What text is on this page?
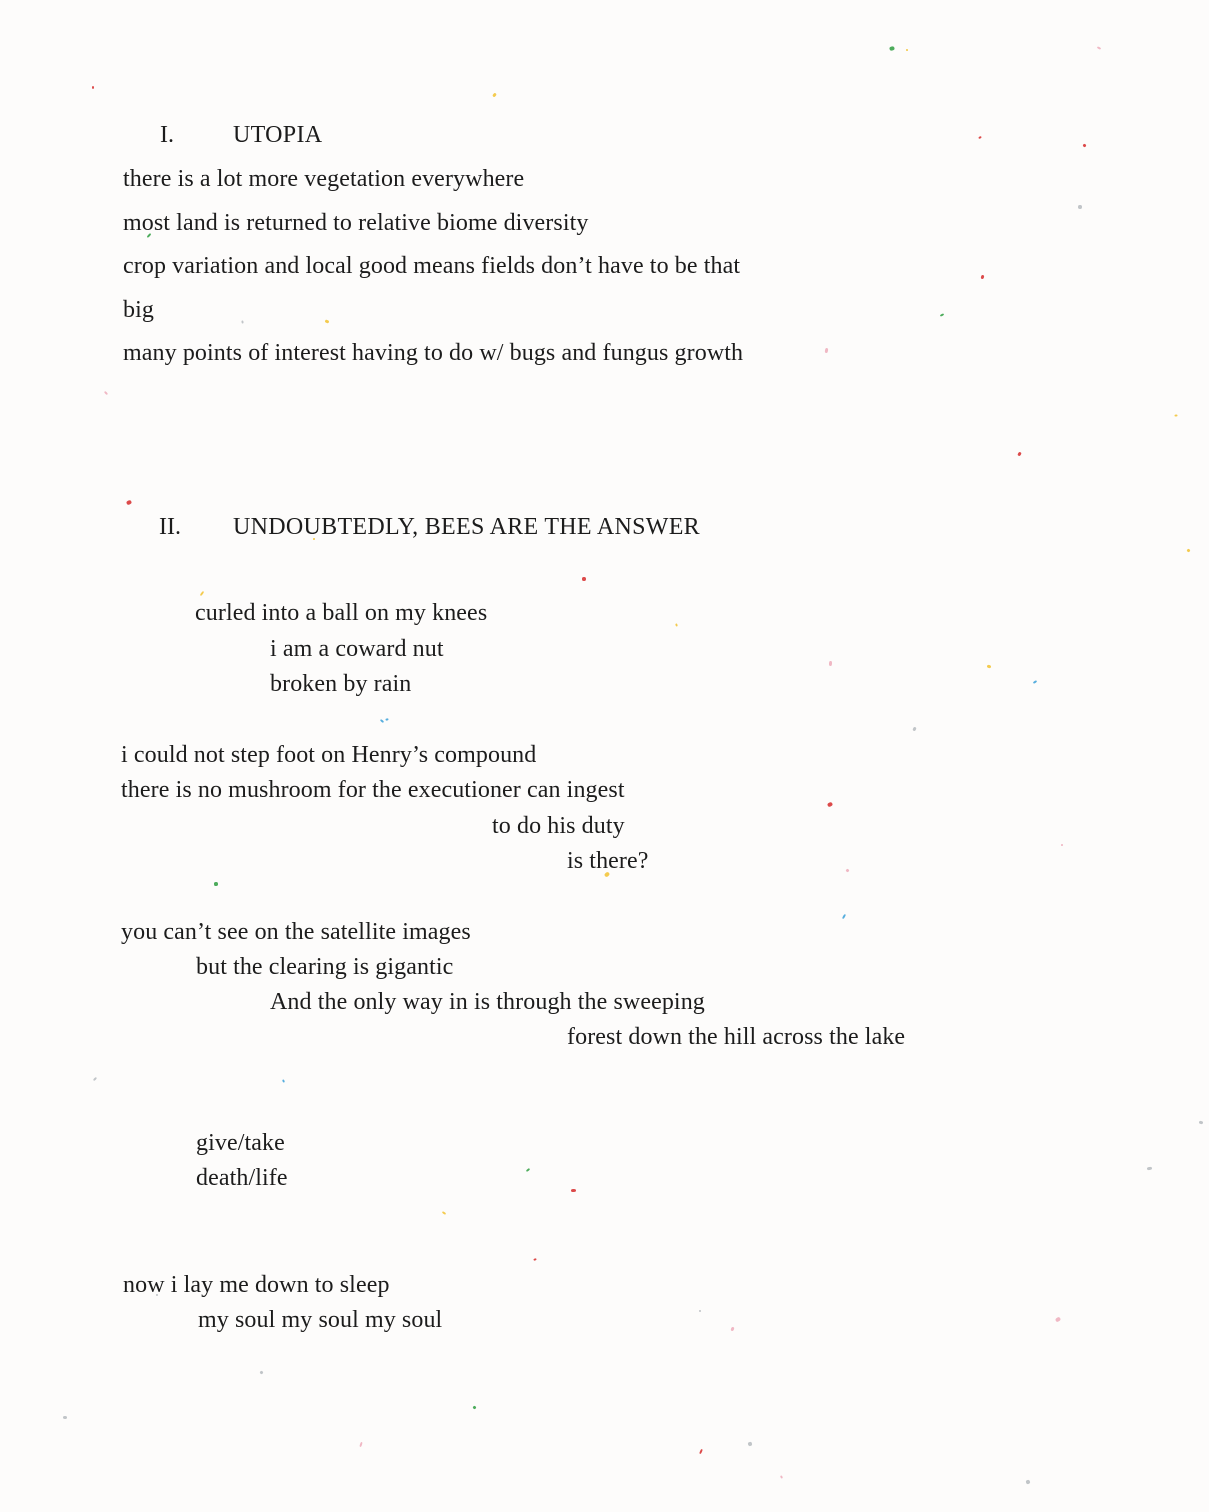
I. UTOPIA
there is a lot more vegetation everywhere
most land is returned to relative biome diversity
crop variation and local good means fields don’t have to be that
big
many points of interest having to do w/ bugs and fungus growth
II. UNDOUBTEDLY, BEES ARE THE ANSWER
curled into a ball on my knees
i am a coward nut
broken by rain
i could not step foot on Henry’s compound
there is no mushroom for the executioner can ingest
to do his duty
is there?
you can’t see on the satellite images
but the clearing is gigantic
And the only way in is through the sweeping
forest down the hill across the lake
give/take
death/life
now i lay me down to sleep
my soul my soul my soul
